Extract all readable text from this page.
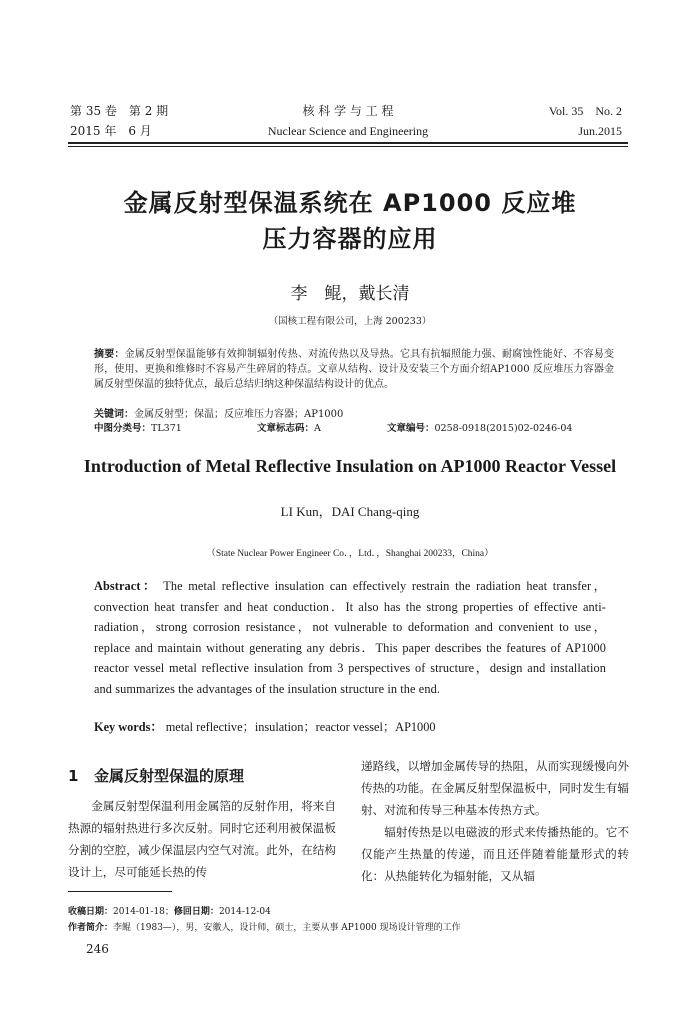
第 35 卷　第 2 期
2015 年　6 月
核 科 学 与 工 程
Nuclear Science and Engineering
Vol. 35　No. 2
Jun.2015
金属反射型保温系统在 AP1000 反应堆
压力容器的应用
李　鲲，戴长清
（国核工程有限公司，上海 200233）
摘要：金属反射型保温能够有效抑制辐射传热、对流传热以及导热。它具有抗辐照能力强、耐腐蚀性能好、不容易变形，使用、更换和维修时不容易产生碎屑的特点。文章从结构、设计及安装三个方面介绍AP1000 反应堆压力容器金属反射型保温的独特优点，最后总结归纳这种保温结构设计的优点。
关键词：金属反射型；保温；反应堆压力容器；AP1000
中图分类号：TL371	文章标志码：A	文章编号：0258-0918(2015)02-0246-04
Introduction of Metal Reflective Insulation on AP1000 Reactor Vessel
LI Kun，DAI Chang-qing
（State Nuclear Power Engineer Co．，Ltd．，Shanghai 200233，China）
Abstract： The metal reflective insulation can effectively restrain the radiation heat transfer，convection heat transfer and heat conduction．It also has the strong properties of effective anti-radiation，strong corrosion resistance，not vulnerable to deformation and convenient to use，replace and maintain without generating any debris．This paper describes the features of AP1000 reactor vessel metal reflective insulation from 3 perspectives of structure，design and installation and summarizes the advantages of the insulation structure in the end.
Key words： metal reflective；insulation；reactor vessel；AP1000
1 金属反射型保温的原理

金属反射型保温利用金属箔的反射作用，将来自热源的辐射热进行多次反射。同时它还利用被保温板分割的空腔，减少保温层内空气对流。此外，在结构设计上，尽可能延长热的传

递路线，以增加金属传导的热阻，从而实现缓慢向外传热的功能。在金属反射型保温板中，同时发生有辐射、对流和传导三种基本传热方式。

辐射传热是以电磁波的形式来传播热能的。它不仅能产生热量的传递，而且还伴随着能量形式的转化：从热能转化为辐射能，又从辐

收稿日期：2014-01-18；修回日期：2014-12-04
作者简介：李鲲（1983—），男，安徽人，设计师，硕士，主要从事 AP1000 现场设计管理的工作
246
